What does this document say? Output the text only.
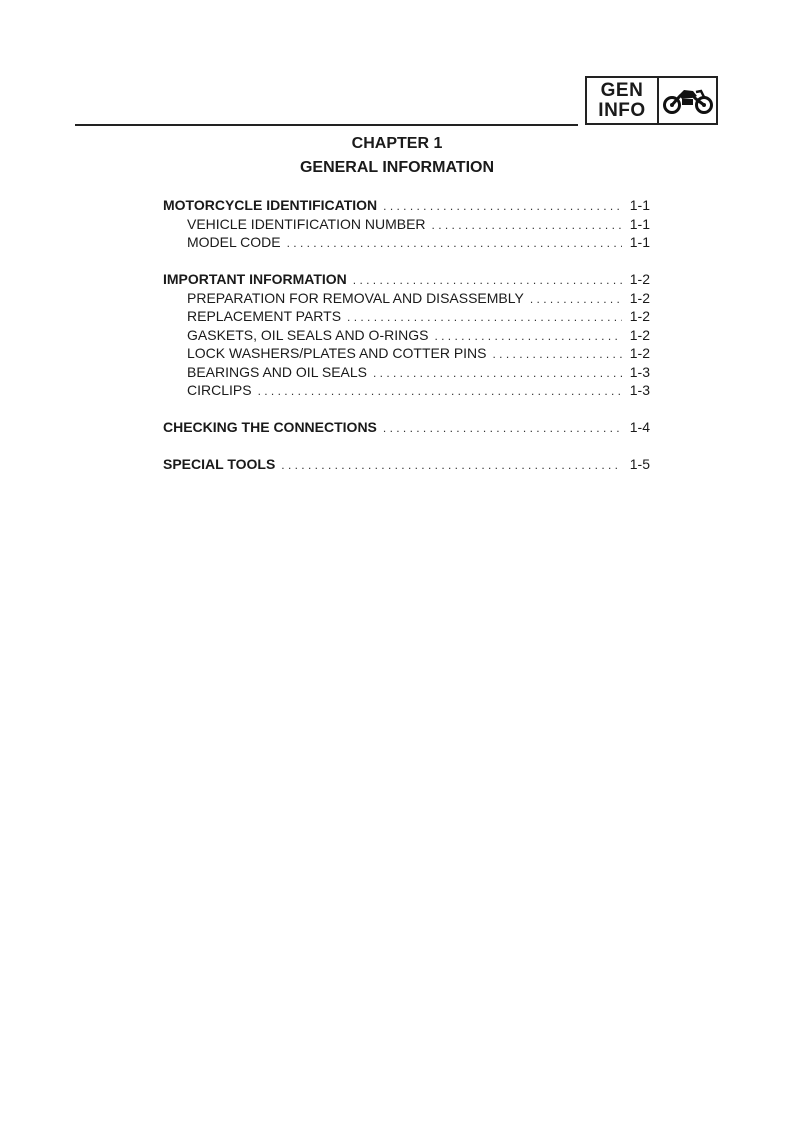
GEN
INFO
CHAPTER 1
GENERAL INFORMATION
MOTORCYCLE IDENTIFICATION . . .	1-1
VEHICLE IDENTIFICATION NUMBER . . .	1-1
MODEL CODE . . .	1-1
IMPORTANT INFORMATION . . .	1-2
PREPARATION FOR REMOVAL AND DISASSEMBLY . . .	1-2
REPLACEMENT PARTS . . .	1-2
GASKETS, OIL SEALS AND O-RINGS . . .	1-2
LOCK WASHERS/PLATES AND COTTER PINS . . .	1-2
BEARINGS AND OIL SEALS . . .	1-3
CIRCLIPS . . .	1-3
CHECKING THE CONNECTIONS . . .	1-4
SPECIAL TOOLS . . .	1-5
